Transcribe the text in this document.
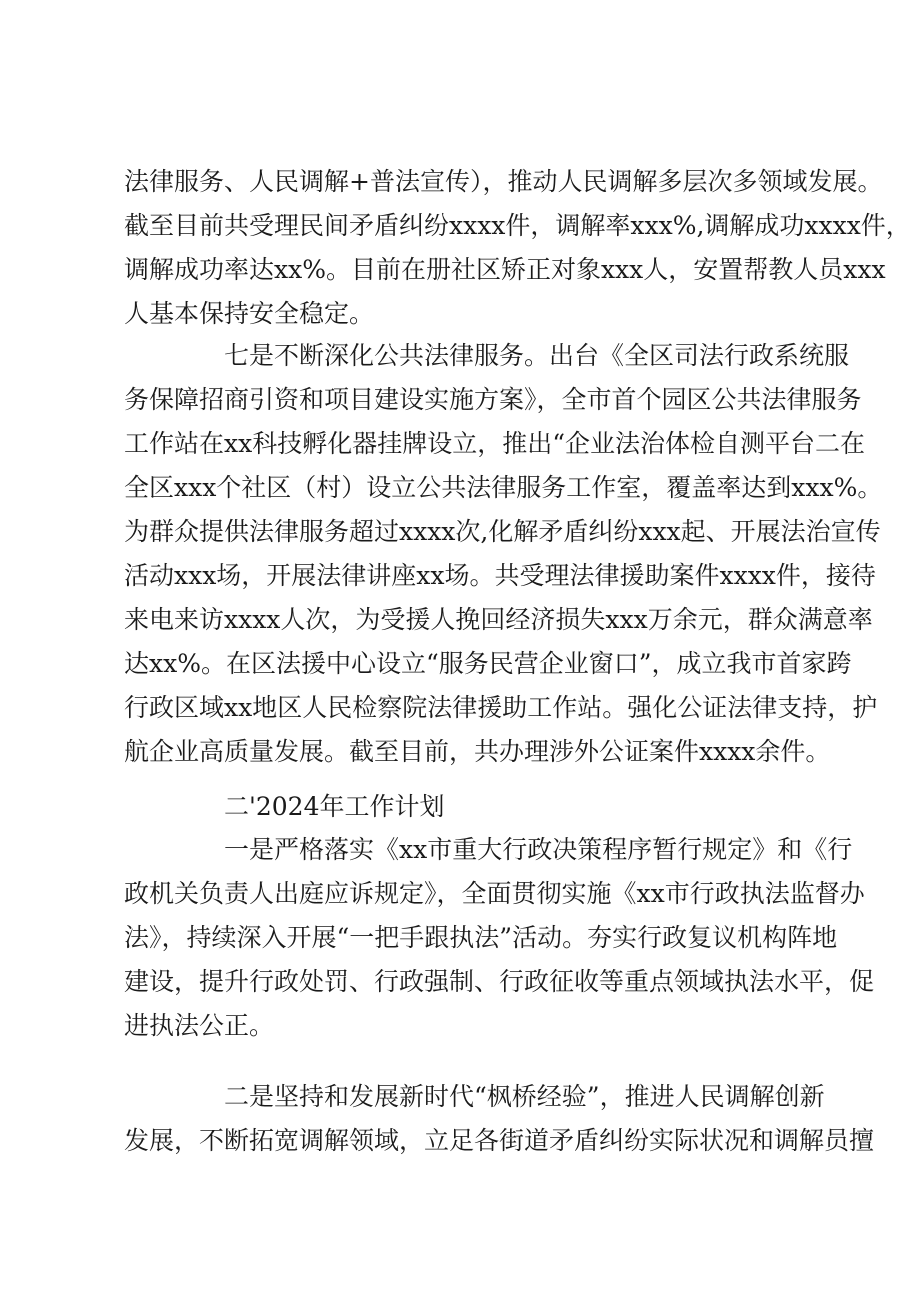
法律服务、人民调解+普法宣传），推动人民调解多层次多领域发展。
截至目前共受理民间矛盾纠纷xxxx件，调解率xxx%,调解成功xxxx件，
调解成功率达xx%。目前在册社区矫正对象xxx人，安置帮教人员xxx
人基本保持安全稳定。
七是不断深化公共法律服务。出台《全区司法行政系统服
务保障招商引资和项目建设实施方案》，全市首个园区公共法律服务
工作站在xx科技孵化器挂牌设立，推出“企业法治体检自测平台二在
全区xxx个社区（村）设立公共法律服务工作室，覆盖率达到xxx%。
为群众提供法律服务超过xxxx次,化解矛盾纠纷xxx起、开展法治宣传
活动xxx场，开展法律讲座xx场。共受理法律援助案件xxxx件，接待
来电来访xxxx人次，为受援人挽回经济损失xxx万余元，群众满意率
达xx%。在区法援中心设立“服务民营企业窗口”，成立我市首家跨
行政区域xx地区人民检察院法律援助工作站。强化公证法律支持，护
航企业高质量发展。截至目前，共办理涉外公证案件xxxx余件。
二'2024年工作计划
一是严格落实《xx市重大行政决策程序暂行规定》和《行
政机关负责人出庭应诉规定》，全面贯彻实施《xx市行政执法监督办
法》，持续深入开展“一把手跟执法”活动。夯实行政复议机构阵地
建设，提升行政处罚、行政强制、行政征收等重点领域执法水平，促
进执法公正。
二是坚持和发展新时代“枫桥经验”，推进人民调解创新
发展，不断拓宽调解领域，立足各街道矛盾纠纷实际状况和调解员擅
